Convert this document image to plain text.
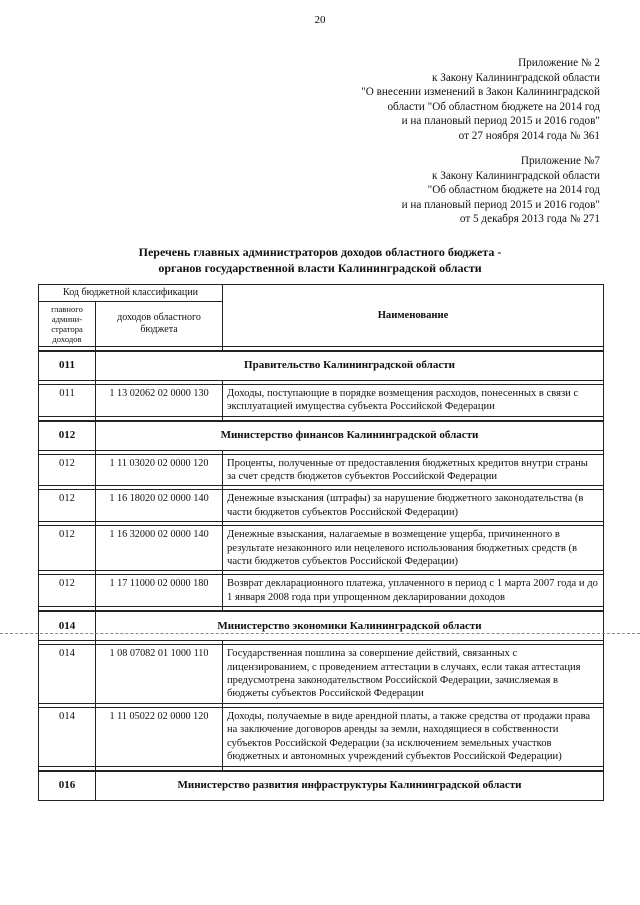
20
Приложение № 2
к Закону Калининградской области
"О внесении изменений в Закон Калининградской
области "Об областном бюджете на 2014 год
и на плановый период 2015 и 2016 годов"
от 27 ноября 2014 года № 361
Приложение №7
к Закону Калининградской области
"Об областном бюджете на 2014 год
и на плановый период 2015 и 2016 годов"
от 5 декабря 2013 года № 271
Перечень главных администраторов доходов областного бюджета -
органов государственной власти Калининградской области
Код бюджетной классификации		Наименование
главного админи-стратора доходов	доходов областного бюджета	

011	Правительство Калининградской области	

011	1 13 02062 02 0000 130	Доходы, поступающие в порядке возмещения расходов, понесенных в связи с эксплуатацией имущества субъекта Российской Федерации

012	Министерство финансов Калининградской области	

012	1 11 03020 02 0000 120	Проценты, полученные от предоставления бюджетных кредитов внутри страны за счет средств бюджетов субъектов Российской Федерации

012	1 16 18020 02 0000 140	Денежные взыскания (штрафы) за нарушение бюджетного законодательства (в части бюджетов субъектов Российской Федерации)

012	1 16 32000 02 0000 140	Денежные взыскания, налагаемые в возмещение ущерба, причиненного в результате незаконного или нецелевого использования бюджетных средств (в части бюджетов субъектов Российской Федерации)

012	1 17 11000 02 0000 180	Возврат декларационного платежа, уплаченного в период с 1 марта 2007 года и до 1 января 2008 года при упрощенном декларировании доходов

014	Министерство экономики Калининградской области	

014	1 08 07082 01 1000 110	Государственная пошлина за совершение действий, связанных с лицензированием, с проведением аттестации в случаях, если такая аттестация предусмотрена законодательством Российской Федерации, зачисляемая в бюджеты субъектов Российской Федерации

014	1 11 05022 02 0000 120	Доходы, получаемые в виде арендной платы, а также средства от продажи права на заключение договоров аренды за земли, находящиеся в собственности субъектов Российской Федерации (за исключением земельных участков бюджетных и автономных учреждений субъектов Российской Федерации)

016	Министерство развития инфраструктуры Калининградской области	
